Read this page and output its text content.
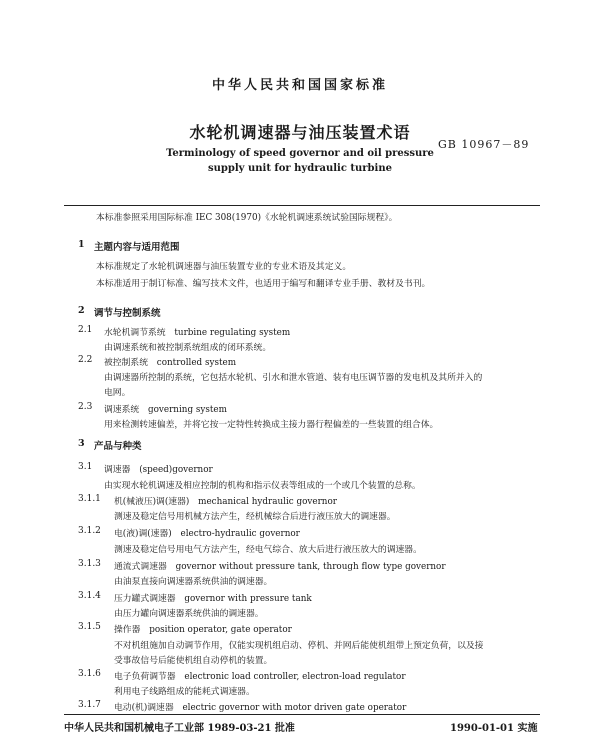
中华人民共和国国家标准
水轮机调速器与油压装置术语
GB 10967－89
Terminology of speed governor and oil pressure
supply unit for hydraulic turbine
本标准参照采用国际标准 IEC 308(1970)《水轮机调速系统试验国际规程》。
1 主题内容与适用范围
本标准规定了水轮机调速器与油压装置专业的专业术语及其定义。
本标准适用于制订标准、编写技术文件，也适用于编写和翻译专业手册、教材及书刊。
2 调节与控制系统
2.1 水轮机调节系统　turbine regulating system
由调速系统和被控制系统组成的闭环系统。
2.2 被控制系统　controlled system
由调速器所控制的系统，它包括水轮机、引水和泄水管道、装有电压调节器的发电机及其所并入的
电网。
2.3 调速系统　governing system
用来检测转速偏差，并将它按一定特性转换成主接力器行程偏差的一些装置的组合体。
3 产品与种类
3.1 调速器　(speed)governor
由实现水轮机调速及相应控制的机构和指示仪表等组成的一个或几个装置的总称。
3.1.1 机(械液压)调(速器)　mechanical hydraulic governor
测速及稳定信号用机械方法产生，经机械综合后进行液压放大的调速器。
3.1.2 电(液)调(速器)　electro-hydraulic governor
测速及稳定信号用电气方法产生，经电气综合、放大后进行液压放大的调速器。
3.1.3 通流式调速器　governor without pressure tank, through flow type governor
由油泵直接向调速器系统供油的调速器。
3.1.4 压力罐式调速器　governor with pressure tank
由压力罐向调速器系统供油的调速器。
3.1.5 操作器　position operator, gate operator
不对机组施加自动调节作用，仅能实现机组启动、停机、并网后能使机组带上预定负荷，以及接
受事故信号后能使机组自动停机的装置。
3.1.6 电子负荷调节器　electronic load controller, electron-load regulator
利用电子线路组成的能耗式调速器。
3.1.7 电动(机)调速器　electric governor with motor driven gate operator
中华人民共和国机械电子工业部 1989-03-21 批准	1990-01-01 实施
